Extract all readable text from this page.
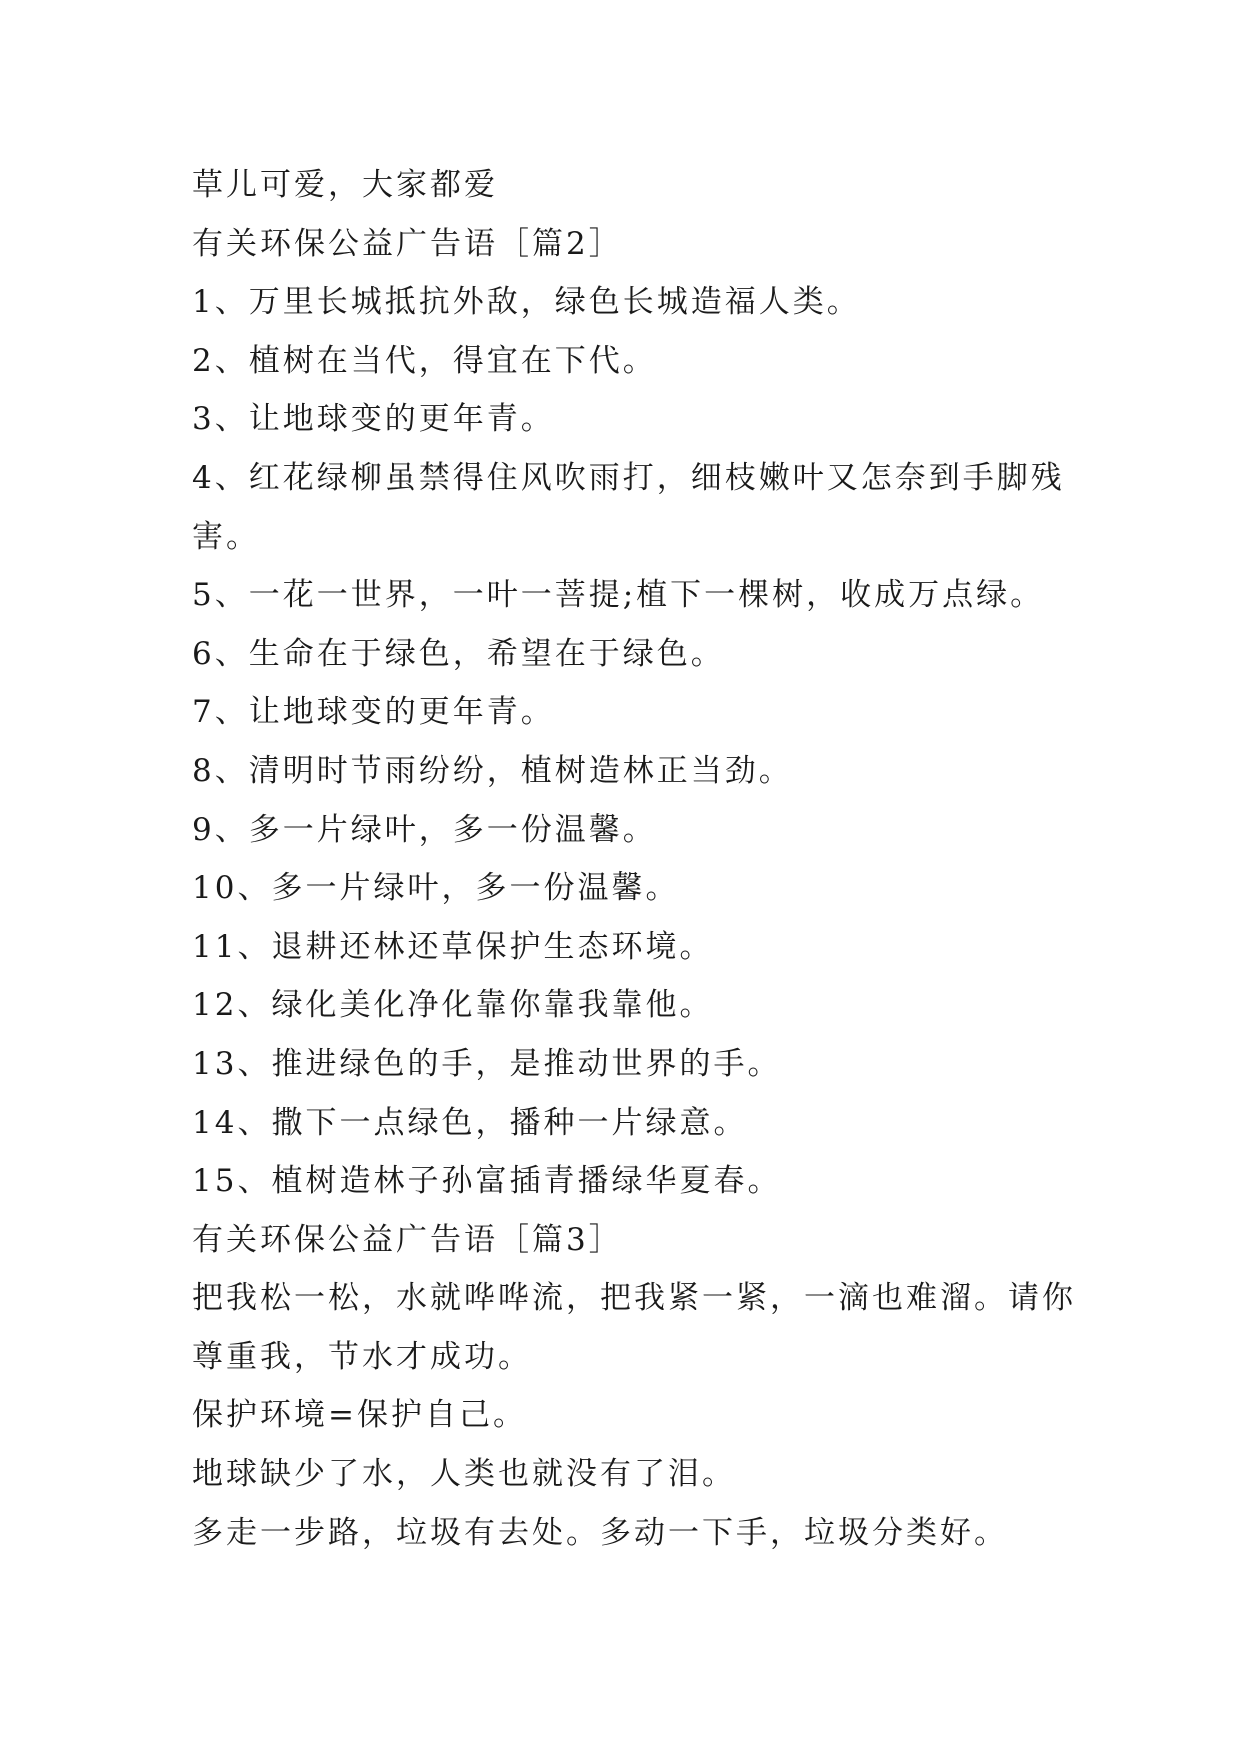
草儿可爱，大家都爱
有关环保公益广告语［篇2］
1、万里长城抵抗外敌，绿色长城造福人类。
2、植树在当代，得宜在下代。
3、让地球变的更年青。
4、红花绿柳虽禁得住风吹雨打，细枝嫩叶又怎奈到手脚残
害。
5、一花一世界，一叶一菩提;植下一棵树，收成万点绿。
6、生命在于绿色，希望在于绿色。
7、让地球变的更年青。
8、清明时节雨纷纷，植树造林正当劲。
9、多一片绿叶，多一份温馨。
10、多一片绿叶，多一份温馨。
11、退耕还林还草保护生态环境。
12、绿化美化净化靠你靠我靠他。
13、推进绿色的手，是推动世界的手。
14、撒下一点绿色，播种一片绿意。
15、植树造林子孙富插青播绿华夏春。
有关环保公益广告语［篇3］
把我松一松，水就哗哗流，把我紧一紧，一滴也难溜。请你
尊重我，节水才成功。
保护环境=保护自己。
地球缺少了水，人类也就没有了泪。
多走一步路，垃圾有去处。多动一下手，垃圾分类好。
